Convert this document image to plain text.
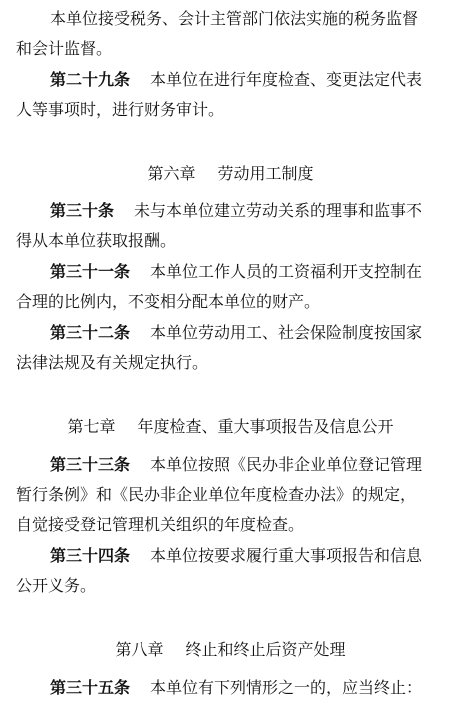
本单位接受税务、会计主管部门依法实施的税务监督
和会计监督。
第二十九条 本单位在进行年度检查、变更法定代表
人等事项时，进行财务审计。
第六章 劳动用工制度
第三十条 未与本单位建立劳动关系的理事和监事不
得从本单位获取报酬。
第三十一条 本单位工作人员的工资福利开支控制在
合理的比例内，不变相分配本单位的财产。
第三十二条 本单位劳动用工、社会保险制度按国家
法律法规及有关规定执行。
第七章 年度检查、重大事项报告及信息公开
第三十三条 本单位按照《民办非企业单位登记管理
暂行条例》和《民办非企业单位年度检查办法》的规定，
自觉接受登记管理机关组织的年度检查。
第三十四条 本单位按要求履行重大事项报告和信息
公开义务。
第八章 终止和终止后资产处理
第三十五条 本单位有下列情形之一的，应当终止：
